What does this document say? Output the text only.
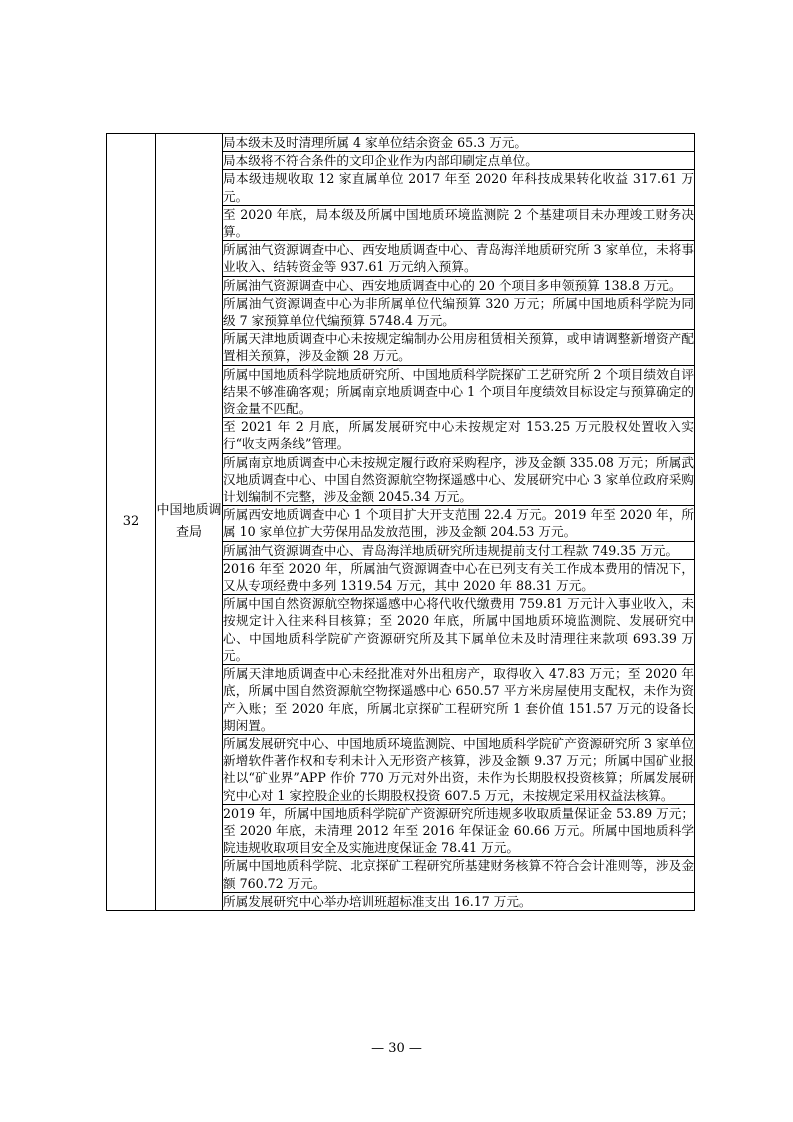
32	中国地质调查局	局本级未及时清理所属 4 家单位结余资金 65.3 万元。
局本级将不符合条件的文印企业作为内部印刷定点单位。
局本级违规收取 12 家直属单位 2017 年至 2020 年科技成果转化收益 317.61 万元。
至 2020 年底，局本级及所属中国地质环境监测院 2 个基建项目未办理竣工财务决算。
所属油气资源调查中心、西安地质调查中心、青岛海洋地质研究所 3 家单位，未将事业收入、结转资金等 937.61 万元纳入预算。
所属油气资源调查中心、西安地质调查中心的 20 个项目多申领预算 138.8 万元。
所属油气资源调查中心为非所属单位代编预算 320 万元；所属中国地质科学院为同级 7 家预算单位代编预算 5748.4 万元。
所属天津地质调查中心未按规定编制办公用房租赁相关预算，或申请调整新增资产配置相关预算，涉及金额 28 万元。
所属中国地质科学院地质研究所、中国地质科学院探矿工艺研究所 2 个项目绩效自评结果不够准确客观；所属南京地质调查中心 1 个项目年度绩效目标设定与预算确定的资金量不匹配。
至 2021 年 2 月底，所属发展研究中心未按规定对 153.25 万元股权处置收入实行“收支两条线”管理。
所属南京地质调查中心未按规定履行政府采购程序，涉及金额 335.08 万元；所属武汉地质调查中心、中国自然资源航空物探遥感中心、发展研究中心 3 家单位政府采购计划编制不完整，涉及金额 2045.34 万元。
所属西安地质调查中心 1 个项目扩大开支范围 22.4 万元。2019 年至 2020 年，所属 10 家单位扩大劳保用品发放范围，涉及金额 204.53 万元。
所属油气资源调查中心、青岛海洋地质研究所违规提前支付工程款 749.35 万元。
2016 年至 2020 年，所属油气资源调查中心在已列支有关工作成本费用的情况下，又从专项经费中多列 1319.54 万元，其中 2020 年 88.31 万元。
所属中国自然资源航空物探遥感中心将代收代缴费用 759.81 万元计入事业收入，未按规定计入往来科目核算；至 2020 年底，所属中国地质环境监测院、发展研究中心、中国地质科学院矿产资源研究所及其下属单位未及时清理往来款项 693.39 万元。
所属天津地质调查中心未经批准对外出租房产，取得收入 47.83 万元；至 2020 年底，所属中国自然资源航空物探遥感中心 650.57 平方米房屋使用支配权，未作为资产入账；至 2020 年底，所属北京探矿工程研究所 1 套价值 151.57 万元的设备长期闲置。
所属发展研究中心、中国地质环境监测院、中国地质科学院矿产资源研究所 3 家单位新增软件著作权和专利未计入无形资产核算，涉及金额 9.37 万元；所属中国矿业报社以“矿业界”APP 作价 770 万元对外出资，未作为长期股权投资核算；所属发展研究中心对 1 家控股企业的长期股权投资 607.5 万元，未按规定采用权益法核算。
2019 年，所属中国地质科学院矿产资源研究所违规多收取质量保证金 53.89 万元；至 2020 年底，未清理 2012 年至 2016 年保证金 60.66 万元。所属中国地质科学院违规收取项目安全及实施进度保证金 78.41 万元。
所属中国地质科学院、北京探矿工程研究所基建财务核算不符合会计准则等，涉及金额 760.72 万元。
所属发展研究中心举办培训班超标准支出 16.17 万元。
— 30 —
